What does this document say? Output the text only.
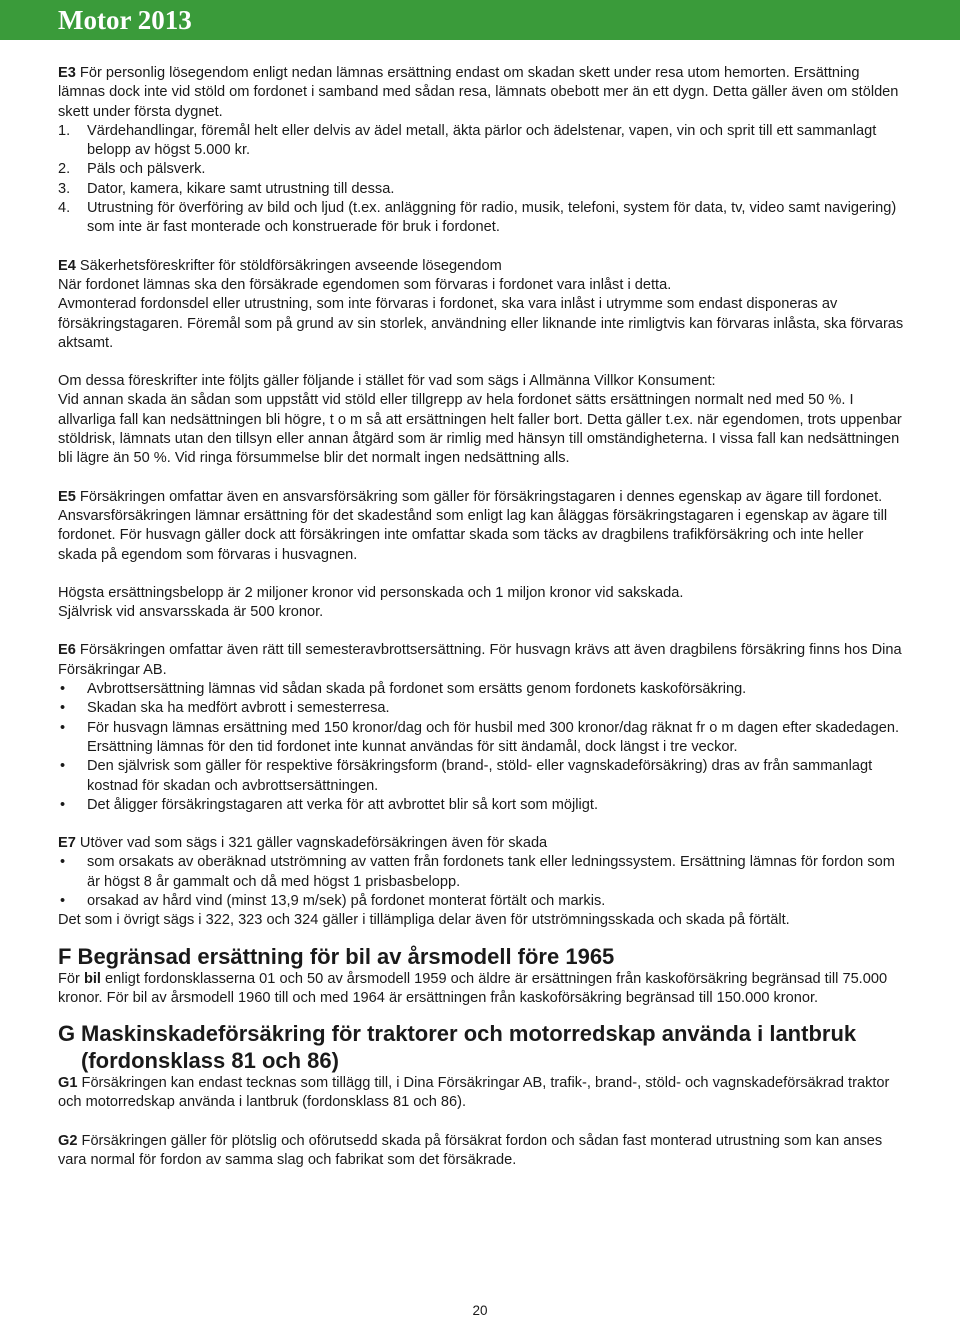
Motor 2013

E3 För personlig lösegendom enligt nedan lämnas ersättning endast om skadan skett under resa utom hemorten. Ersättning lämnas dock inte vid stöld om fordonet i samband med sådan resa, lämnats obebott mer än ett dygn. Detta gäller även om stölden skett under första dygnet.

1.	Värdehandlingar, föremål helt eller delvis av ädel metall, äkta pärlor och ädelstenar, vapen, vin och sprit till ett sammanlagt belopp av högst 5.000 kr.
2.	Päls och pälsverk.
3.	Dator, kamera, kikare samt utrustning till dessa.
4.	Utrustning för överföring av bild och ljud (t.ex. anläggning för radio, musik, telefoni, system för data, tv, video samt navigering) som inte är fast monterade och konstruerade för bruk i fordonet.

E4 Säkerhetsföreskrifter för stöldförsäkringen avseende lösegendom

När fordonet lämnas ska den försäkrade egendomen som förvaras i fordonet vara inlåst i detta.

Avmonterad fordonsdel eller utrustning, som inte förvaras i fordonet, ska vara inlåst i utrymme som endast disponeras av försäkringstagaren. Föremål som på grund av sin storlek, användning eller liknande inte rimligtvis kan förvaras inlåsta, ska förvaras aktsamt.

Om dessa föreskrifter inte följts gäller följande i stället för vad som sägs i Allmänna Villkor Konsument:

Vid annan skada än sådan som uppstått vid stöld eller tillgrepp av hela fordonet sätts ersättningen normalt ned med 50 %. I allvarliga fall kan nedsättningen bli högre, t o m så att ersättningen helt faller bort. Detta gäller t.ex. när egendomen, trots uppenbar stöldrisk, lämnats utan den tillsyn eller annan åtgärd som är rimlig med hänsyn till omständigheterna. I vissa fall kan nedsättningen bli lägre än 50 %. Vid ringa försummelse blir det normalt ingen nedsättning alls.

E5 Försäkringen omfattar även en ansvarsförsäkring som gäller för försäkringstagaren i dennes egenskap av ägare till fordonet.

Ansvarsförsäkringen lämnar ersättning för det skadestånd som enligt lag kan åläggas försäkringstagaren i egenskap av ägare till fordonet. För husvagn gäller dock att försäkringen inte omfattar skada som täcks av dragbilens trafikförsäkring och inte heller skada på egendom som förvaras i husvagnen.

Högsta ersättningsbelopp är 2 miljoner kronor vid personskada och 1 miljon kronor vid sakskada.

Självrisk vid ansvarsskada är 500 kronor.

E6 Försäkringen omfattar även rätt till semesteravbrottsersättning. För husvagn krävs att även dragbilens försäkring finns hos Dina Försäkringar AB.

•	Avbrottsersättning lämnas vid sådan skada på fordonet som ersätts genom fordonets kaskoförsäkring.
•	Skadan ska ha medfört avbrott i semesterresa.
•	För husvagn lämnas ersättning med 150 kronor/dag och för husbil med 300 kronor/dag räknat fr o m dagen efter skadedagen. Ersättning lämnas för den tid fordonet inte kunnat användas för sitt ändamål, dock längst i tre veckor.
•	Den självrisk som gäller för respektive försäkringsform (brand-, stöld- eller vagnskadeförsäkring) dras av från sammanlagt kostnad för skadan och avbrottsersättningen.
•	Det åligger försäkringstagaren att verka för att avbrottet blir så kort som möjligt.

E7 Utöver vad som sägs i 321 gäller vagnskadeförsäkringen även för skada

•	som orsakats av oberäknad utströmning av vatten från fordonets tank eller ledningssystem. Ersättning lämnas för fordon som är högst 8 år gammalt och då med högst 1 prisbasbelopp.
•	orsakad av hård vind (minst 13,9 m/sek) på fordonet monterat förtält och markis.

Det som i övrigt sägs i 322, 323 och 324 gäller i tillämpliga delar även för utströmningsskada och skada på förtält.

F Begränsad ersättning för bil av årsmodell före 1965

För bil enligt fordonsklasserna 01 och 50 av årsmodell 1959 och äldre är ersättningen från kaskoförsäkring begränsad till 75.000 kronor. För bil av årsmodell 1960 till och med 1964 är ersättningen från kaskoförsäkring begränsad till 150.000 kronor.

G Maskinskadeförsäkring för traktorer och motorredskap använda i lantbruk (fordonsklass 81 och 86)

G1 Försäkringen kan endast tecknas som tillägg till, i Dina Försäkringar AB, trafik-, brand-, stöld- och vagnskadeförsäkrad traktor och motorredskap använda i lantbruk (fordonsklass 81 och 86).

G2 Försäkringen gäller för plötslig och oförutsedd skada på försäkrat fordon och sådan fast monterad utrustning som kan anses vara normal för fordon av samma slag och fabrikat som det försäkrade.

20
